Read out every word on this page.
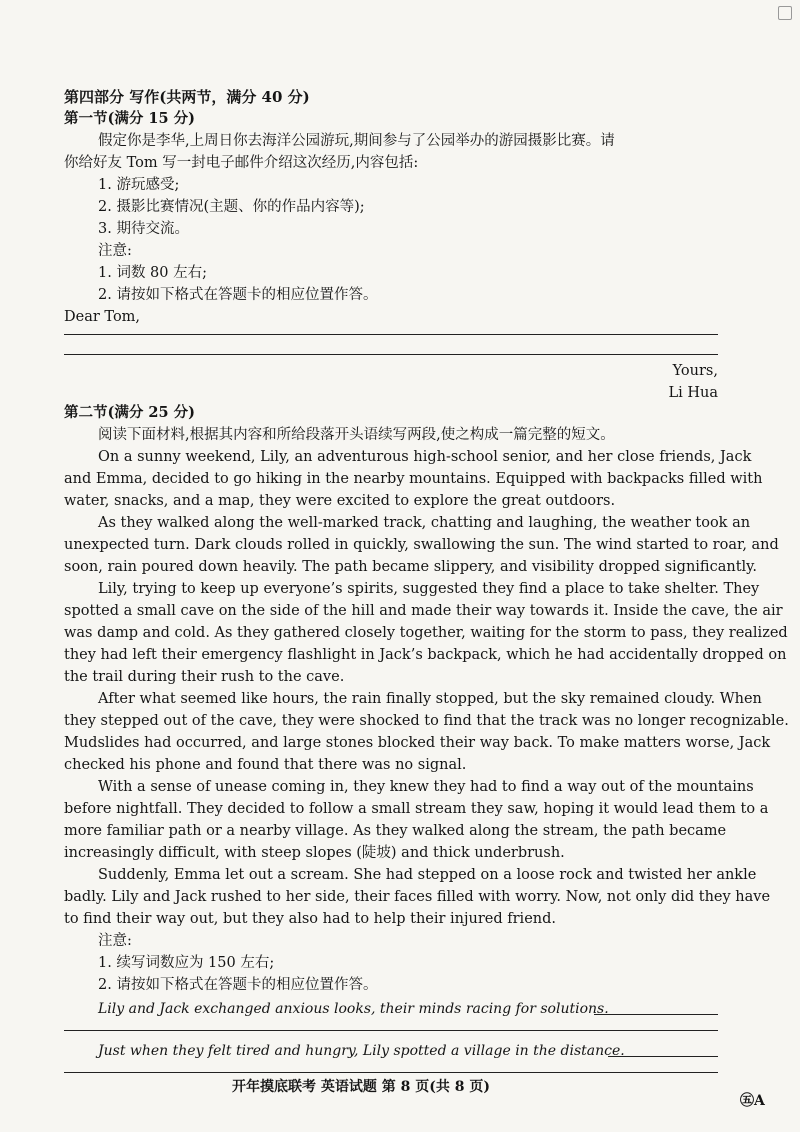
第四部分 写作(共两节，满分 40 分)
第一节(满分 15 分)
假定你是李华,上周日你去海洋公园游玩,期间参与了公园举办的游园摄影比赛。请
你给好友 Tom 写一封电子邮件介绍这次经历,内容包括:
1. 游玩感受;
2. 摄影比赛情况(主题、你的作品内容等);
3. 期待交流。
注意:
1. 词数 80 左右;
2. 请按如下格式在答题卡的相应位置作答。
Dear Tom,
Yours,
Li Hua
第二节(满分 25 分)
阅读下面材料,根据其内容和所给段落开头语续写两段,使之构成一篇完整的短文。
On a sunny weekend, Lily, an adventurous high-school senior, and her close friends, Jack
and Emma, decided to go hiking in the nearby mountains. Equipped with backpacks filled with
water, snacks, and a map, they were excited to explore the great outdoors.
As they walked along the well-marked track, chatting and laughing, the weather took an
unexpected turn. Dark clouds rolled in quickly, swallowing the sun. The wind started to roar, and
soon, rain poured down heavily. The path became slippery, and visibility dropped significantly.
Lily, trying to keep up everyone’s spirits, suggested they find a place to take shelter. They
spotted a small cave on the side of the hill and made their way towards it. Inside the cave, the air
was damp and cold. As they gathered closely together, waiting for the storm to pass, they realized
they had left their emergency flashlight in Jack’s backpack, which he had accidentally dropped on
the trail during their rush to the cave.
After what seemed like hours, the rain finally stopped, but the sky remained cloudy. When
they stepped out of the cave, they were shocked to find that the track was no longer recognizable.
Mudslides had occurred, and large stones blocked their way back. To make matters worse, Jack
checked his phone and found that there was no signal.
With a sense of unease coming in, they knew they had to find a way out of the mountains
before nightfall. They decided to follow a small stream they saw, hoping it would lead them to a
more familiar path or a nearby village. As they walked along the stream, the path became
increasingly difficult, with steep slopes (陡坡) and thick underbrush.
Suddenly, Emma let out a scream. She had stepped on a loose rock and twisted her ankle
badly. Lily and Jack rushed to her side, their faces filled with worry. Now, not only did they have
to find their way out, but they also had to help their injured friend.
注意:
1. 续写词数应为 150 左右;
2. 请按如下格式在答题卡的相应位置作答。
Lily and Jack exchanged anxious looks, their minds racing for solutions.
Just when they felt tired and hungry, Lily spotted a village in the distance.
开年摸底联考 英语试题 第 8 页(共 8 页)
㊄A
